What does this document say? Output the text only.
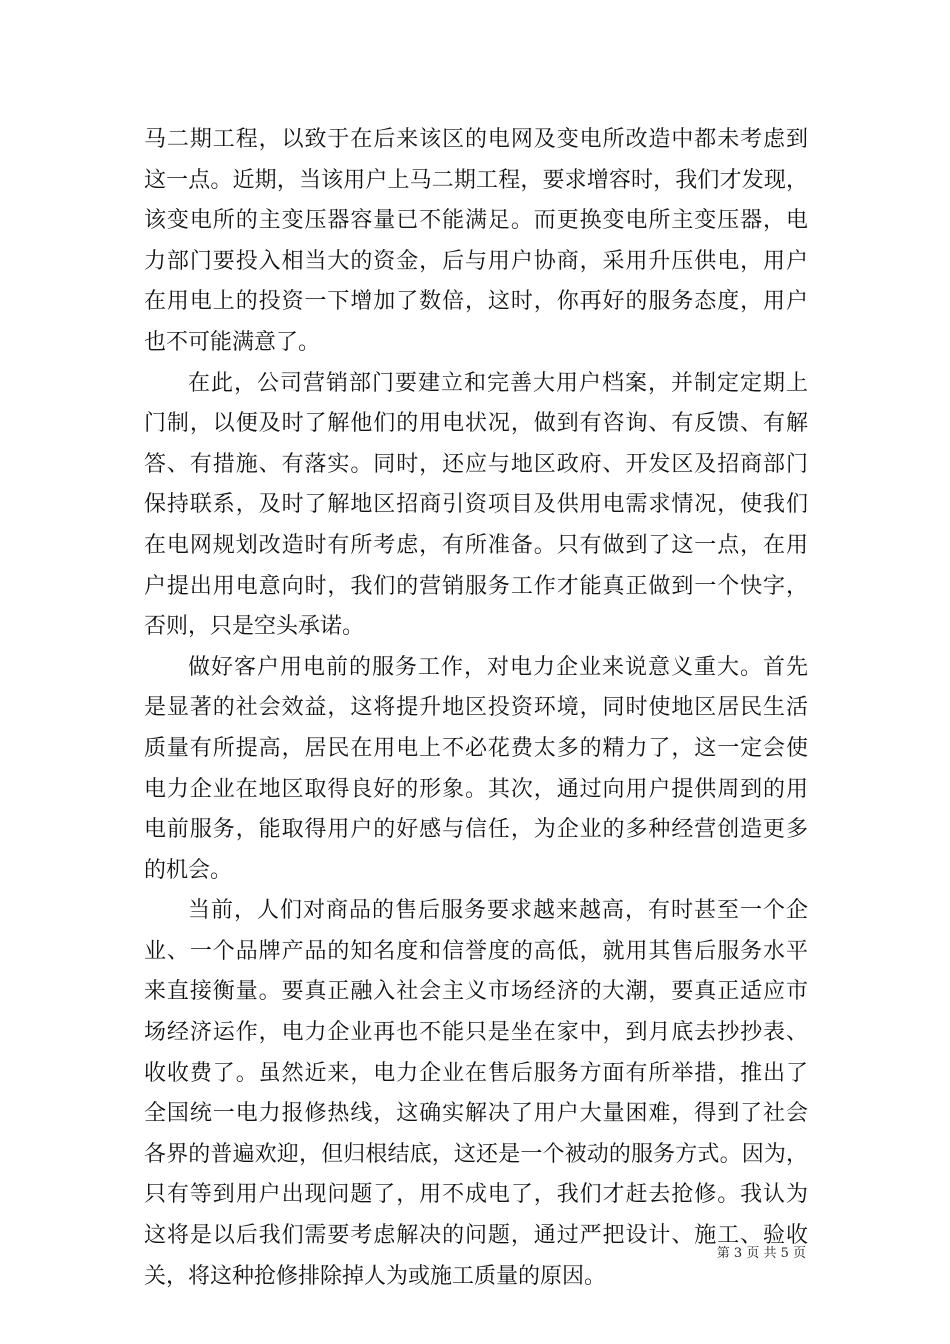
马二期工程，以致于在后来该区的电网及变电所改造中都未考虑到
这一点。近期，当该用户上马二期工程，要求增容时，我们才发现，
该变电所的主变压器容量已不能满足。而更换变电所主变压器，电
力部门要投入相当大的资金，后与用户协商，采用升压供电，用户
在用电上的投资一下增加了数倍，这时，你再好的服务态度，用户
也不可能满意了。
在此，公司营销部门要建立和完善大用户档案，并制定定期上
门制，以便及时了解他们的用电状况，做到有咨询、有反馈、有解
答、有措施、有落实。同时，还应与地区政府、开发区及招商部门
保持联系，及时了解地区招商引资项目及供用电需求情况，使我们
在电网规划改造时有所考虑，有所准备。只有做到了这一点，在用
户提出用电意向时，我们的营销服务工作才能真正做到一个快字，
否则，只是空头承诺。
做好客户用电前的服务工作，对电力企业来说意义重大。首先
是显著的社会效益，这将提升地区投资环境，同时使地区居民生活
质量有所提高，居民在用电上不必花费太多的精力了，这一定会使
电力企业在地区取得良好的形象。其次，通过向用户提供周到的用
电前服务，能取得用户的好感与信任，为企业的多种经营创造更多
的机会。
当前，人们对商品的售后服务要求越来越高，有时甚至一个企
业、一个品牌产品的知名度和信誉度的高低，就用其售后服务水平
来直接衡量。要真正融入社会主义市场经济的大潮，要真正适应市
场经济运作，电力企业再也不能只是坐在家中，到月底去抄抄表、
收收费了。虽然近来，电力企业在售后服务方面有所举措，推出了
全国统一电力报修热线，这确实解决了用户大量困难，得到了社会
各界的普遍欢迎，但归根结底，这还是一个被动的服务方式。因为，
只有等到用户出现问题了，用不成电了，我们才赶去抢修。我认为
这将是以后我们需要考虑解决的问题，通过严把设计、施工、验收
关，将这种抢修排除掉人为或施工质量的原因。
第 3 页 共 5 页
